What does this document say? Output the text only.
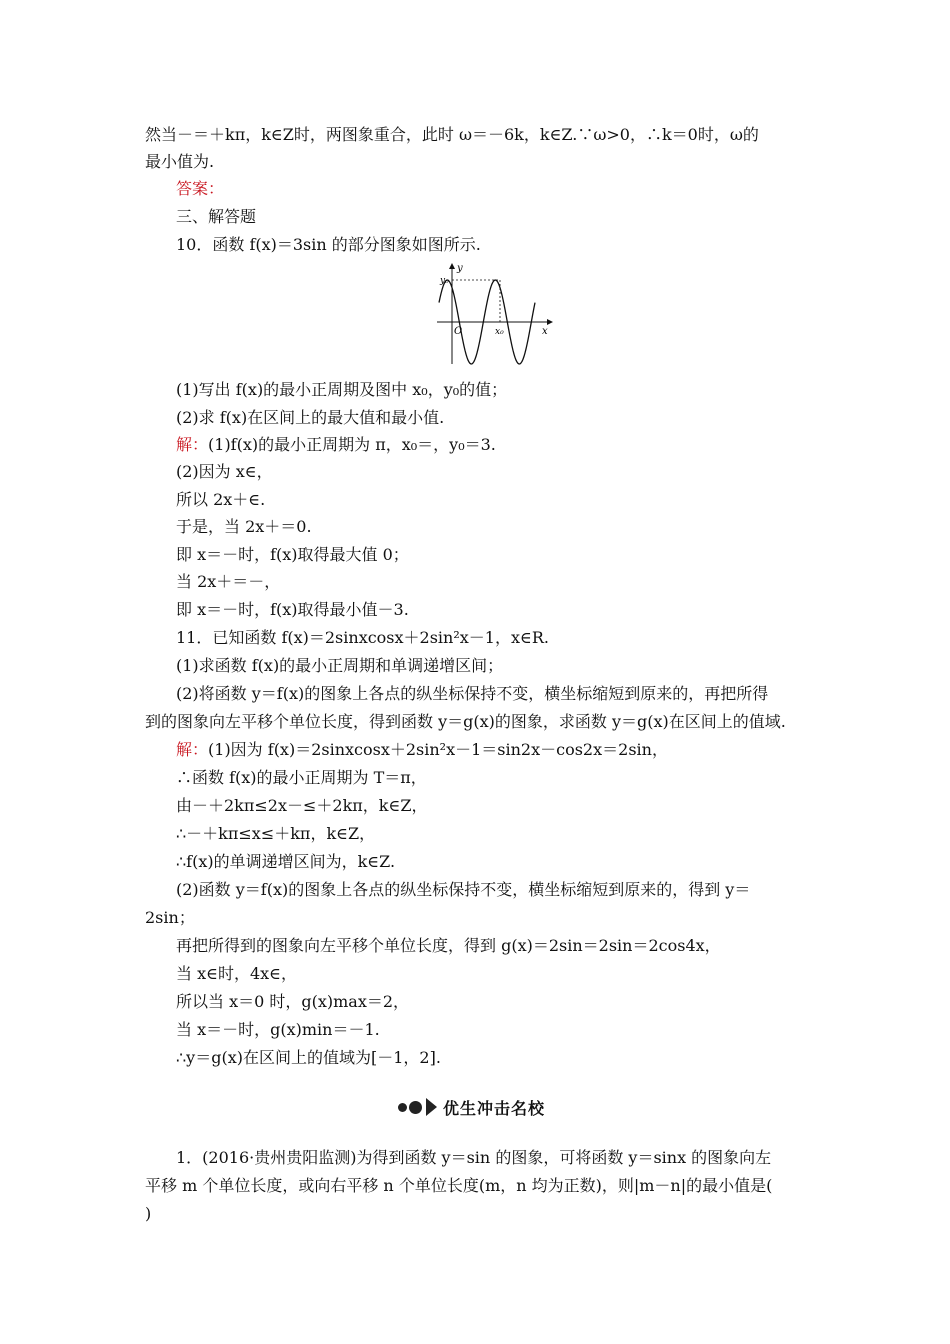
然当－＝＋kπ，k∈Z时，两图象重合，此时 ω＝－6k，k∈Z.∵ω>0，∴k＝0时，ω的
最小值为.
答案：
三、解答题
10．函数 f(x)＝3sin 的部分图象如图所示.
y
x
O	x₀
y₀
(1)写出 f(x)的最小正周期及图中 x₀，y₀的值；
(2)求 f(x)在区间上的最大值和最小值.
解：(1)f(x)的最小正周期为 π，x₀＝，y₀＝3.
(2)因为 x∈，
所以 2x＋∈.
于是，当 2x＋＝0.
即 x＝－时，f(x)取得最大值 0；
当 2x＋＝－，
即 x＝－时，f(x)取得最小值－3.
11．已知函数 f(x)＝2sinxcosx＋2sin²x－1，x∈R.
(1)求函数 f(x)的最小正周期和单调递增区间；
(2)将函数 y＝f(x)的图象上各点的纵坐标保持不变，横坐标缩短到原来的，再把所得
到的图象向左平移个单位长度，得到函数 y＝g(x)的图象，求函数 y＝g(x)在区间上的值域.
解：(1)因为 f(x)＝2sinxcosx＋2sin²x－1＝sin2x－cos2x＝2sin，
∴函数 f(x)的最小正周期为 T＝π，
由－＋2kπ≤2x－≤＋2kπ，k∈Z，
∴－＋kπ≤x≤＋kπ，k∈Z，
∴f(x)的单调递增区间为，k∈Z.
(2)函数 y＝f(x)的图象上各点的纵坐标保持不变，横坐标缩短到原来的，得到 y＝
2sin；
再把所得到的图象向左平移个单位长度，得到 g(x)＝2sin＝2sin＝2cos4x，
当 x∈时，4x∈，
所以当 x＝0 时，g(x)max＝2，
当 x＝－时，g(x)min＝－1.
∴y＝g(x)在区间上的值域为[－1，2].
优生冲击名校
1．(2016·贵州贵阳监测)为得到函数 y＝sin 的图象，可将函数 y＝sinx 的图象向左
平移 m 个单位长度，或向右平移 n 个单位长度(m，n 均为正数)，则|m－n|的最小值是(
)
